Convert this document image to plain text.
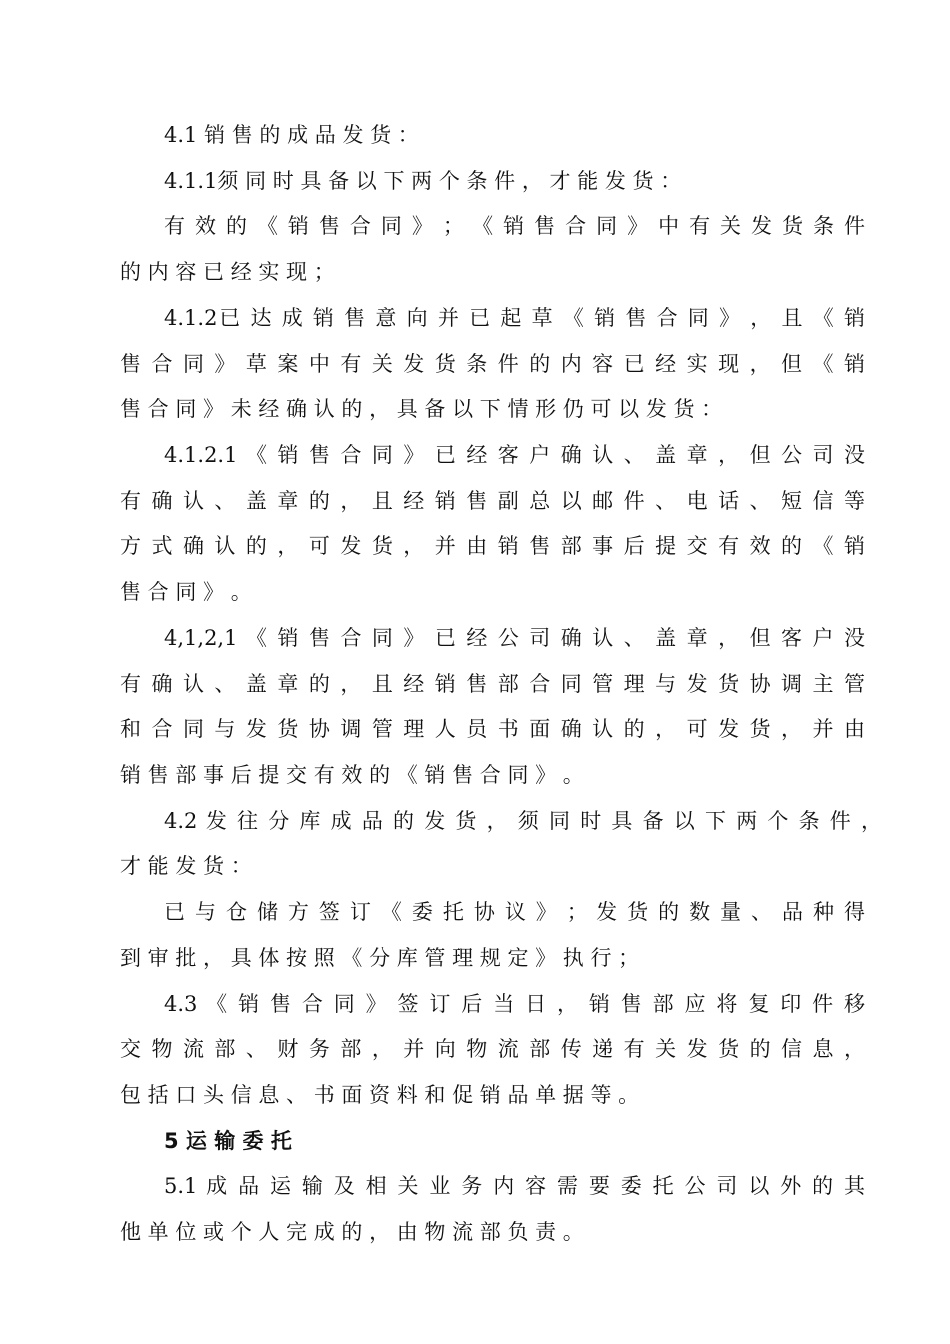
4.1 销 售 的 成 品 发 货 ：
4.1.1须 同 时 具 备 以 下 两 个 条 件 ， 才 能 发 货 ：
有 效 的 《 销 售 合 同 》 ； 《 销 售 合 同 》 中 有 关 发 货 条 件
的 内 容 已 经 实 现 ；
4.1.2已 达 成 销 售 意 向 并 已 起 草 《 销 售 合 同 》 ， 且 《 销
售 合 同 》 草 案 中 有 关 发 货 条 件 的 内 容 已 经 实 现 ， 但 《 销
售 合 同 》 未 经 确 认 的 ， 具 备 以 下 情 形 仍 可 以 发 货 ：
4.1.2.1 《 销 售 合 同 》 已 经 客 户 确 认 、 盖 章 ， 但 公 司 没
有 确 认 、 盖 章 的 ， 且 经 销 售 副 总 以 邮 件 、 电 话 、 短 信 等
方 式 确 认 的 ， 可 发 货 ， 并 由 销 售 部 事 后 提 交 有 效 的 《 销
售 合 同 》 。
4,1,2,1 《 销 售 合 同 》 已 经 公 司 确 认 、 盖 章 ， 但 客 户 没
有 确 认 、 盖 章 的 ， 且 经 销 售 部 合 同 管 理 与 发 货 协 调 主 管
和 合 同 与 发 货 协 调 管 理 人 员 书 面 确 认 的 ， 可 发 货 ， 并 由
销 售 部 事 后 提 交 有 效 的 《 销 售 合 同 》 。
4.2 发 往 分 库 成 品 的 发 货 ， 须 同 时 具 备 以 下 两 个 条 件 ，
才 能 发 货 ：
已 与 仓 储 方 签 订 《 委 托 协 议 》 ； 发 货 的 数 量 、 品 种 得
到 审 批 ， 具 体 按 照 《 分 库 管 理 规 定 》 执 行 ；
4.3 《 销 售 合 同 》 签 订 后 当 日 ， 销 售 部 应 将 复 印 件 移
交 物 流 部 、 财 务 部 ， 并 向 物 流 部 传 递 有 关 发 货 的 信 息 ，
包 括 口 头 信 息 、 书 面 资 料 和 促 销 品 单 据 等 。
5 运 输 委 托
5.1 成 品 运 输 及 相 关 业 务 内 容 需 要 委 托 公 司 以 外 的 其
他 单 位 或 个 人 完 成 的 ， 由 物 流 部 负 责 。
